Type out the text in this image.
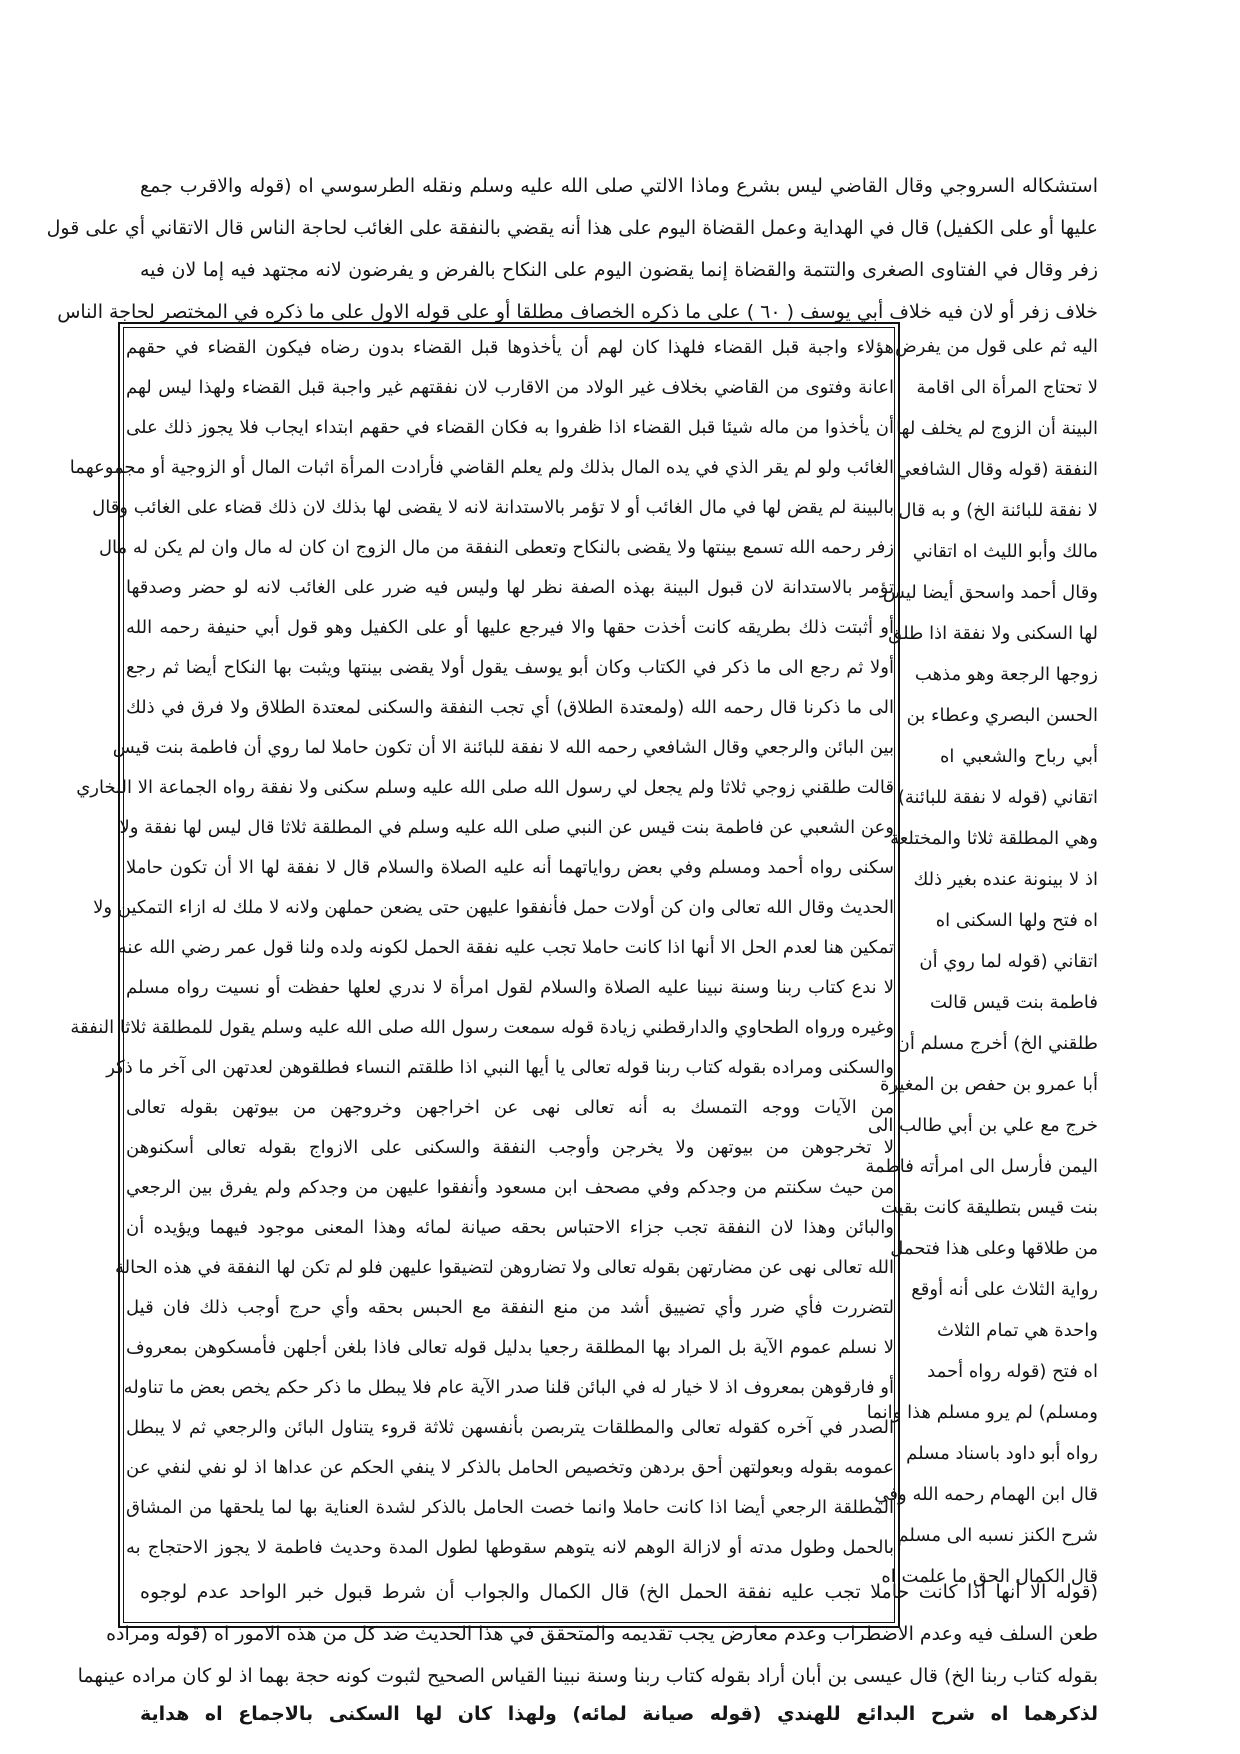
استشكاله السروجي وقال القاضي ليس بشرع وماذا الالتي صلى الله عليه وسلم ونقله الطرسوسي اه (قوله والاقرب جمع
عليها أو على الكفيل) قال في الهداية وعمل القضاة اليوم على هذا أنه يقضي بالنفقة على الغائب لحاجة الناس قال الاتقاني أي على قول
زفر وقال في الفتاوى الصغرى والتتمة والقضاة إنما يقضون اليوم على النكاح بالفرض و يفرضون لانه مجتهد فيه إما لان فيه
خلاف زفر أو لان فيه خلاف أبي يوسف ( ٦٠ ) على ما ذكره الخصاف مطلقا أو على قوله الاول على ما ذكره في المختصر لحاجة الناس
اليه ثم على قول من يفرض
لا تحتاج المرأة الى اقامة
البينة أن الزوج لم يخلف لها
النفقة (قوله وقال الشافعي
لا نفقة للبائنة الخ) و به قال
مالك وأبو الليث اه اتقاني
وقال أحمد واسحق أيضا ليس
لها السكنى ولا نفقة اذا طلق
زوجها الرجعة وهو مذهب
الحسن البصري وعطاء بن
أبي رباح والشعبي اه
اتقاني (قوله لا نفقة للبائنة)
وهي المطلقة ثلاثا والمختلعة
اذ لا بينونة عنده بغير ذلك
اه فتح ولها السكنى اه
اتقاني (قوله لما روي أن
فاطمة بنت قيس قالت
طلقني الخ) أخرج مسلم أن
أبا عمرو بن حفص بن المغيرة
خرج مع علي بن أبي طالب الى
اليمن فأرسل الى امرأته فاطمة
بنت قيس بتطليقة كانت بقيت
من طلاقها وعلى هذا فتحمل
رواية الثلاث على أنه أوقع
واحدة هي تمام الثلاث
اه فتح (قوله رواه أحمد
ومسلم) لم يرو مسلم هذا وانما
رواه أبو داود باسناد مسلم
قال ابن الهمام رحمه الله وفي
شرح الكنز نسبه الى مسلم
قال الكمال الحق ما علمت اه
هؤلاء واجبة قبل القضاء فلهذا كان لهم أن يأخذوها قبل القضاء بدون رضاه فيكون القضاء في حقهم
اعانة وفتوى من القاضي بخلاف غير الولاد من الاقارب لان نفقتهم غير واجبة قبل القضاء ولهذا ليس لهم
أن يأخذوا من ماله شيئا قبل القضاء اذا ظفروا به فكان القضاء في حقهم ابتداء ايجاب فلا يجوز ذلك على
الغائب ولو لم يقر الذي في يده المال بذلك ولم يعلم القاضي فأرادت المرأة اثبات المال أو الزوجية أو مجموعهما
بالبينة لم يقض لها في مال الغائب أو لا تؤمر بالاستدانة لانه لا يقضى لها بذلك لان ذلك قضاء على الغائب وقال
زفر رحمه الله تسمع بينتها ولا يقضى بالنكاح وتعطى النفقة من مال الزوج ان كان له مال وان لم يكن له مال
تؤمر بالاستدانة لان قبول البينة بهذه الصفة نظر لها وليس فيه ضرر على الغائب لانه لو حضر وصدقها
أو أثبتت ذلك بطريقه كانت أخذت حقها والا فيرجع عليها أو على الكفيل وهو قول أبي حنيفة رحمه الله
أولا ثم رجع الى ما ذكر في الكتاب وكان أبو يوسف يقول أولا يقضى بينتها ويثبت بها النكاح أيضا ثم رجع
الى ما ذكرنا قال رحمه الله (ولمعتدة الطلاق) أي تجب النفقة والسكنى لمعتدة الطلاق ولا فرق في ذلك
بين البائن والرجعي وقال الشافعي رحمه الله لا نفقة للبائنة الا أن تكون حاملا لما روي أن فاطمة بنت قيس
قالت طلقني زوجي ثلاثا ولم يجعل لي رسول الله صلى الله عليه وسلم سكنى ولا نفقة رواه الجماعة الا البخاري
وعن الشعبي عن فاطمة بنت قيس عن النبي صلى الله عليه وسلم في المطلقة ثلاثا قال ليس لها نفقة ولا
سكنى رواه أحمد ومسلم وفي بعض رواياتهما أنه عليه الصلاة والسلام قال لا نفقة لها الا أن تكون حاملا
الحديث وقال الله تعالى وان كن أولات حمل فأنفقوا عليهن حتى يضعن حملهن ولانه لا ملك له ازاء التمكين ولا
تمكين هنا لعدم الحل الا أنها اذا كانت حاملا تجب عليه نفقة الحمل لكونه ولده ولنا قول عمر رضي الله عنه
لا ندع كتاب ربنا وسنة نبينا عليه الصلاة والسلام لقول امرأة لا ندري لعلها حفظت أو نسيت رواه مسلم
وغيره ورواه الطحاوي والدارقطني زيادة قوله سمعت رسول الله صلى الله عليه وسلم يقول للمطلقة ثلاثا النفقة
والسكنى ومراده بقوله كتاب ربنا قوله تعالى يا أيها النبي اذا طلقتم النساء فطلقوهن لعدتهن الى آخر ما ذكر
من الآيات ووجه التمسك به أنه تعالى نهى عن اخراجهن وخروجهن من بيوتهن بقوله تعالى
لا تخرجوهن من بيوتهن ولا يخرجن وأوجب النفقة والسكنى على الازواج بقوله تعالى أسكنوهن
من حيث سكنتم من وجدكم وفي مصحف ابن مسعود وأنفقوا عليهن من وجدكم ولم يفرق بين الرجعي
والبائن وهذا لان النفقة تجب جزاء الاحتباس بحقه صيانة لمائه وهذا المعنى موجود فيهما ويؤيده أن
الله تعالى نهى عن مضارتهن بقوله تعالى ولا تضاروهن لتضيقوا عليهن فلو لم تكن لها النفقة في هذه الحالة
لتضررت فأي ضرر وأي تضييق أشد من منع النفقة مع الحبس بحقه وأي حرج أوجب ذلك فان قيل
لا نسلم عموم الآية بل المراد بها المطلقة رجعيا بدليل قوله تعالى فاذا بلغن أجلهن فأمسكوهن بمعروف
أو فارقوهن بمعروف اذ لا خيار له في البائن قلنا صدر الآية عام فلا يبطل ما ذكر حكم يخص بعض ما تناوله
الصدر في آخره كقوله تعالى والمطلقات يتربصن بأنفسهن ثلاثة قروء يتناول البائن والرجعي ثم لا يبطل
عمومه بقوله وبعولتهن أحق بردهن وتخصيص الحامل بالذكر لا ينفي الحكم عن عداها اذ لو نفي لنفي عن
المطلقة الرجعي أيضا اذا كانت حاملا وانما خصت الحامل بالذكر لشدة العناية بها لما يلحقها من المشاق
بالحمل وطول مدته أو لازالة الوهم لانه يتوهم سقوطها لطول المدة وحديث فاطمة لا يجوز الاحتجاج به
(قوله الا أنها اذا كانت حاملا تجب عليه نفقة الحمل الخ) قال الكمال والجواب أن شرط قبول خبر الواحد عدم لوجوه
طعن السلف فيه وعدم الاضطراب وعدم معارض يجب تقديمه والمتحقق في هذا الحديث ضد كل من هذه الامور اه (قوله ومراده
بقوله كتاب ربنا الخ) قال عيسى بن أبان أراد بقوله كتاب ربنا وسنة نبينا القياس الصحيح لثبوت كونه حجة بهما اذ لو كان مراده عينهما
لذكرهما اه شرح البدائع للهندي (قوله صيانة لمائه) ولهذا كان لها السكنى بالاجماع اه هداية
